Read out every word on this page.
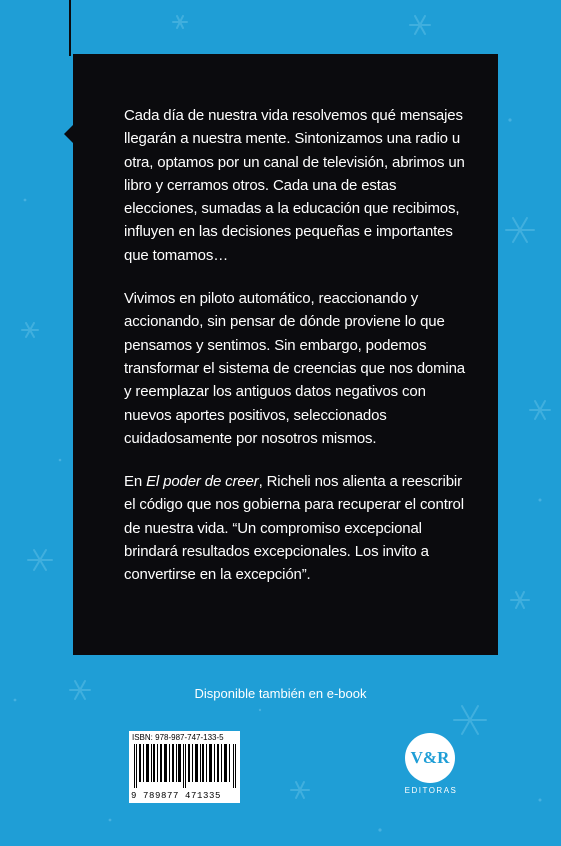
Cada día de nuestra vida resolvemos qué mensajes llegarán a nuestra mente. Sintonizamos una radio u otra, optamos por un canal de televisión, abrimos un libro y cerramos otros. Cada una de estas elecciones, sumadas a la educación que recibimos, influyen en las decisiones pequeñas e importantes que tomamos…

Vivimos en piloto automático, reaccionando y accionando, sin pensar de dónde proviene lo que pensamos y sentimos. Sin embargo, podemos transformar el sistema de creencias que nos domina y reemplazar los antiguos datos negativos con nuevos aportes positivos, seleccionados cuidadosamente por nosotros mismos.

En El poder de creer, Richeli nos alienta a reescribir el código que nos gobierna para recuperar el control de nuestra vida. “Un compromiso excepcional brindará resultados excepcionales. Los invito a convertirse en la excepción”.

Disponible también en e-book
ISBN: 978-987-747-133-5
9 789877 471335
V&R
EDITORAS
